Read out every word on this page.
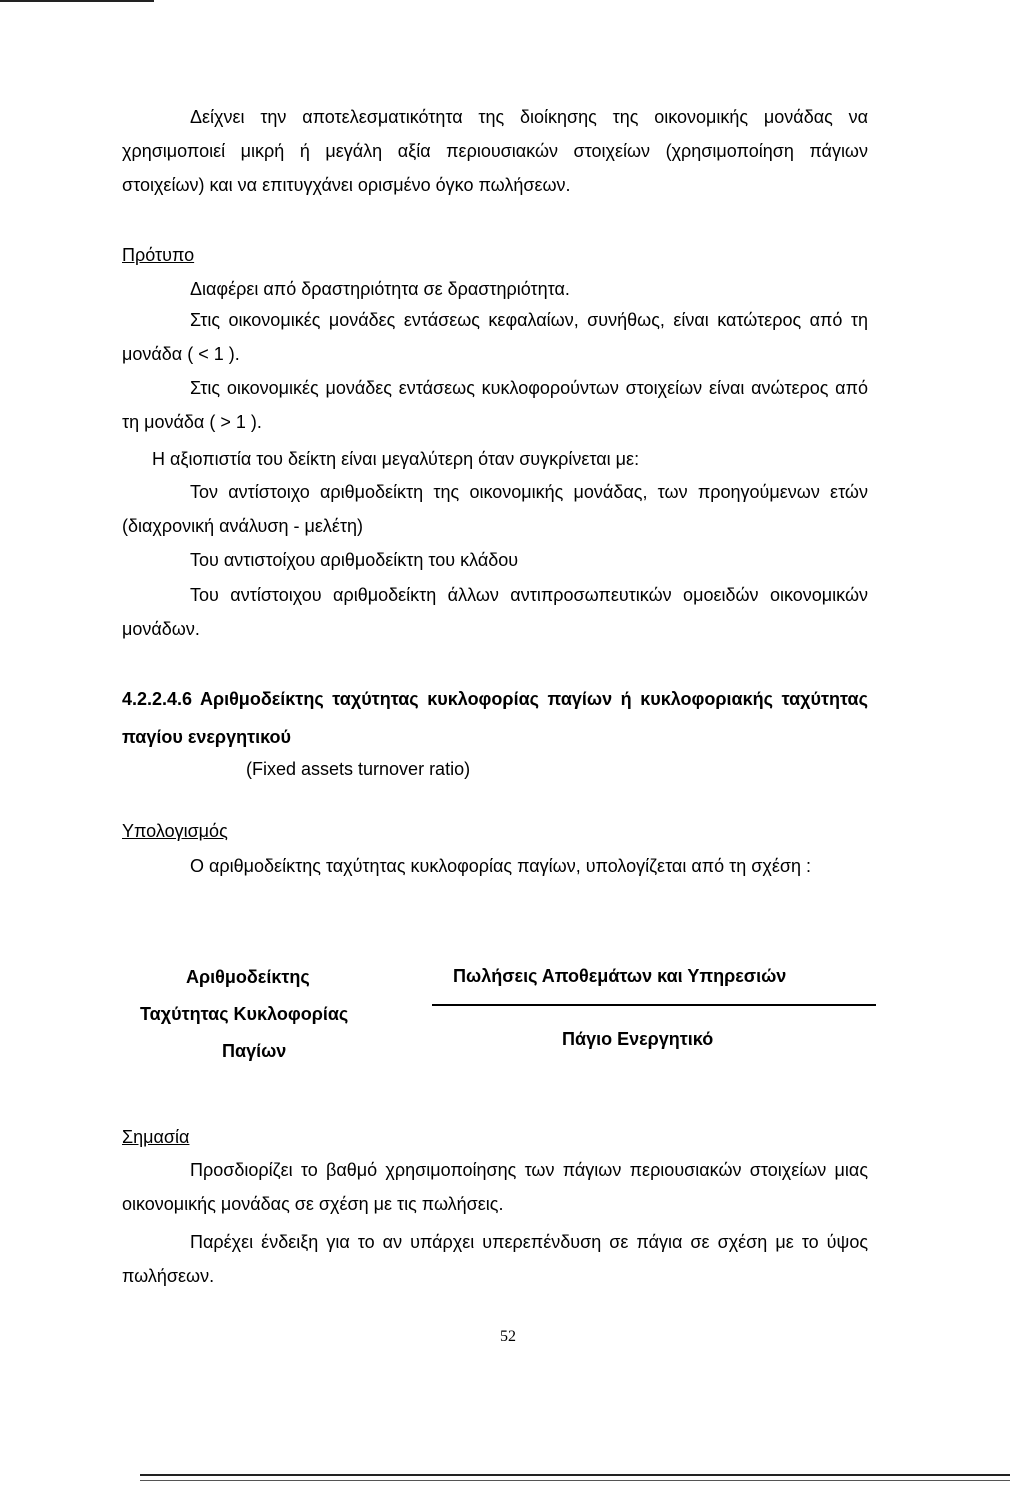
Δείχνει την αποτελεσματικότητα της διοίκησης της οικονομικής μονάδας να χρησιμοποιεί μικρή ή μεγάλη αξία περιουσιακών στοιχείων (χρησιμοποίηση πάγιων στοιχείων) και να επιτυγχάνει ορισμένο όγκο πωλήσεων.
Πρότυπο
Διαφέρει από δραστηριότητα σε δραστηριότητα.
Στις οικονομικές μονάδες εντάσεως κεφαλαίων, συνήθως, είναι κατώτερος από τη μονάδα ( < 1 ).
Στις οικονομικές μονάδες εντάσεως κυκλοφορούντων στοιχείων είναι ανώτερος από τη μονάδα ( > 1 ).
Η αξιοπιστία του δείκτη είναι μεγαλύτερη όταν συγκρίνεται με:
Τον αντίστοιχο αριθμοδείκτη της οικονομικής μονάδας, των προηγούμενων ετών (διαχρονική ανάλυση - μελέτη)
Του αντιστοίχου αριθμοδείκτη του κλάδου
Του αντίστοιχου αριθμοδείκτη άλλων αντιπροσωπευτικών ομοειδών οικονομικών μονάδων.
4.2.2.4.6 Αριθμοδείκτης ταχύτητας κυκλοφορίας παγίων ή κυκλοφοριακής ταχύτητας παγίου ενεργητικού
(Fixed assets turnover ratio)
Υπολογισμός
Ο αριθμοδείκτης ταχύτητας κυκλοφορίας παγίων, υπολογίζεται από τη σχέση :
Αριθμοδείκτης
Ταχύτητας Κυκλοφορίας
Παγίων
Πωλήσεις Αποθεμάτων και Υπηρεσιών
Πάγιο Ενεργητικό
Σημασία
Προσδιορίζει το βαθμό χρησιμοποίησης των πάγιων περιουσιακών στοιχείων μιας οικονομικής μονάδας σε σχέση με τις πωλήσεις.
Παρέχει ένδειξη για το αν υπάρχει υπερεπένδυση σε πάγια σε σχέση με το ύψος πωλήσεων.
52
